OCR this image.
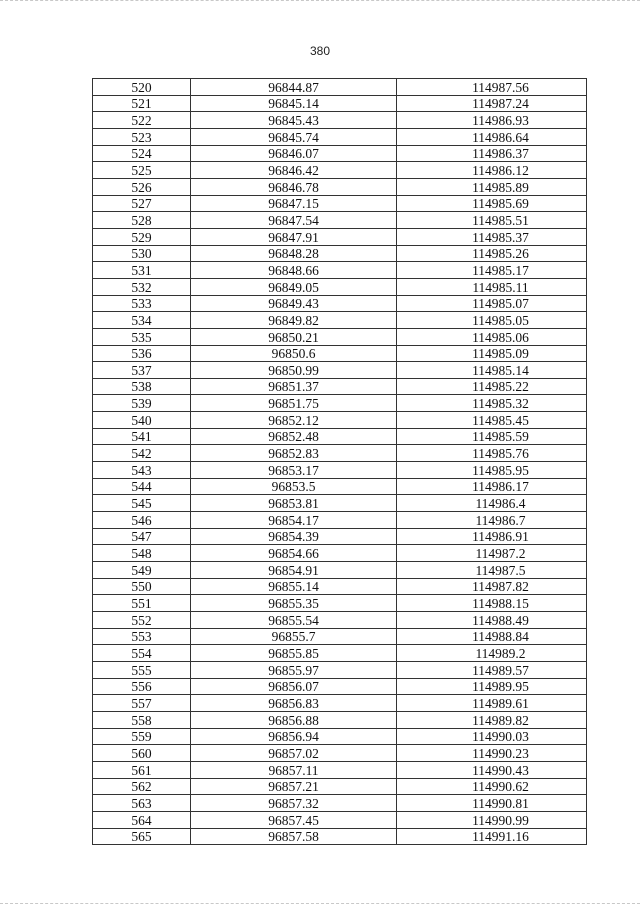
380
520	96844.87	114987.56
521	96845.14	114987.24
522	96845.43	114986.93
523	96845.74	114986.64
524	96846.07	114986.37
525	96846.42	114986.12
526	96846.78	114985.89
527	96847.15	114985.69
528	96847.54	114985.51
529	96847.91	114985.37
530	96848.28	114985.26
531	96848.66	114985.17
532	96849.05	114985.11
533	96849.43	114985.07
534	96849.82	114985.05
535	96850.21	114985.06
536	96850.6	114985.09
537	96850.99	114985.14
538	96851.37	114985.22
539	96851.75	114985.32
540	96852.12	114985.45
541	96852.48	114985.59
542	96852.83	114985.76
543	96853.17	114985.95
544	96853.5	114986.17
545	96853.81	114986.4
546	96854.17	114986.7
547	96854.39	114986.91
548	96854.66	114987.2
549	96854.91	114987.5
550	96855.14	114987.82
551	96855.35	114988.15
552	96855.54	114988.49
553	96855.7	114988.84
554	96855.85	114989.2
555	96855.97	114989.57
556	96856.07	114989.95
557	96856.83	114989.61
558	96856.88	114989.82
559	96856.94	114990.03
560	96857.02	114990.23
561	96857.11	114990.43
562	96857.21	114990.62
563	96857.32	114990.81
564	96857.45	114990.99
565	96857.58	114991.16
